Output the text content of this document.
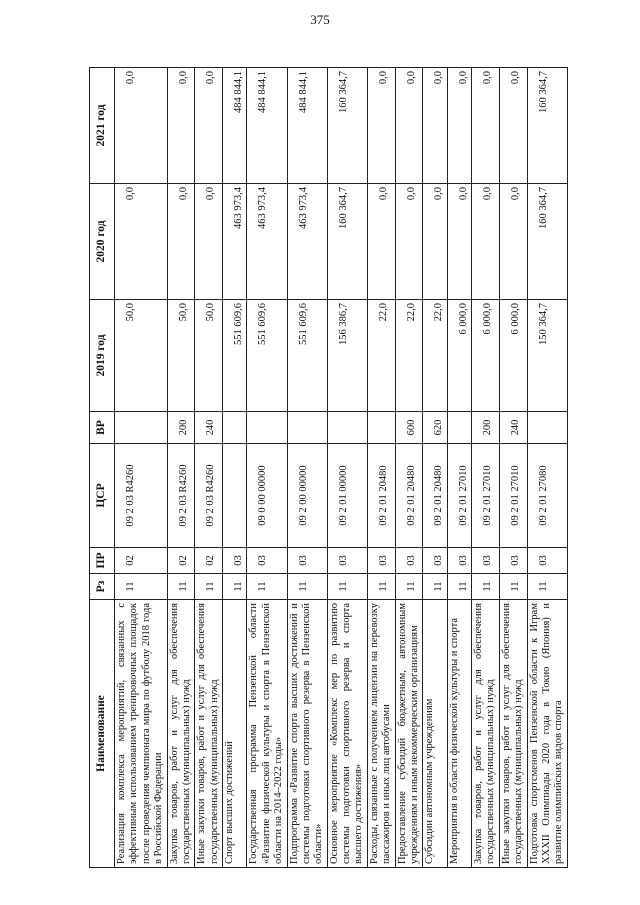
375
Наименование	Рз	ПР	ЦСР	ВР	2019 год	2020 год	2021 год
Реализация комплекса мероприятий, связанных с эффективным использованием тренировочных площадок после проведения чемпионата мира по футболу 2018 года в Российской Федерации	11	02	09 2 03 R4260		50,0	0,0	0,0
Закупка товаров, работ и услуг для обеспечения государственных (муниципальных) нужд	11	02	09 2 03 R4260	200	50,0	0,0	0,0
Иные закупки товаров, работ и услуг для обеспечения государственных (муниципальных) нужд	11	02	09 2 03 R4260	240	50,0	0,0	0,0
Спорт высших достижений	11	03			551 609,6	463 973,4	484 844,1
Государственная программа Пензенской области «Развитие физической культуры и спорта в Пензенской области на 2014–2022 годы»	11	03	09 0 00 00000		551 609,6	463 973,4	484 844,1
Подпрограмма «Развитие спорта высших достижений и системы подготовки спортивного резерва в Пензенской области»	11	03	09 2 00 00000		551 609,6	463 973,4	484 844,1
Основное мероприятие «Комплекс мер по развитию системы подготовки спортивного резерва и спорта высшего достижения»	11	03	09 2 01 00000		156 386,7	160 364,7	160 364,7
Расходы, связанные с получением лицензии на перевозку пассажиров и иных лиц автобусами	11	03	09 2 01 20480		22,0	0,0	0,0
Предоставление субсидий бюджетным, автономным учреждениям и иным некоммерческим организациям	11	03	09 2 01 20480	600	22,0	0,0	0,0
Субсидии автономным учреждениям	11	03	09 2 01 20480	620	22,0	0,0	0,0
Мероприятия в области физической культуры и спорта	11	03	09 2 01 27010		6 000,0	0,0	0,0
Закупка товаров, работ и услуг для обеспечения государственных (муниципальных) нужд	11	03	09 2 01 27010	200	6 000,0	0,0	0,0
Иные закупки товаров, работ и услуг для обеспечения государственных (муниципальных) нужд	11	03	09 2 01 27010	240	6 000,0	0,0	0,0
Подготовка спортсменов Пензенской области к Играм XXXII Олимпиады 2020 года в Токио (Япония) и развитие олимпийских видов спорта	11	03	09 2 01 27080		150 364,7	160 364,7	160 364,7
